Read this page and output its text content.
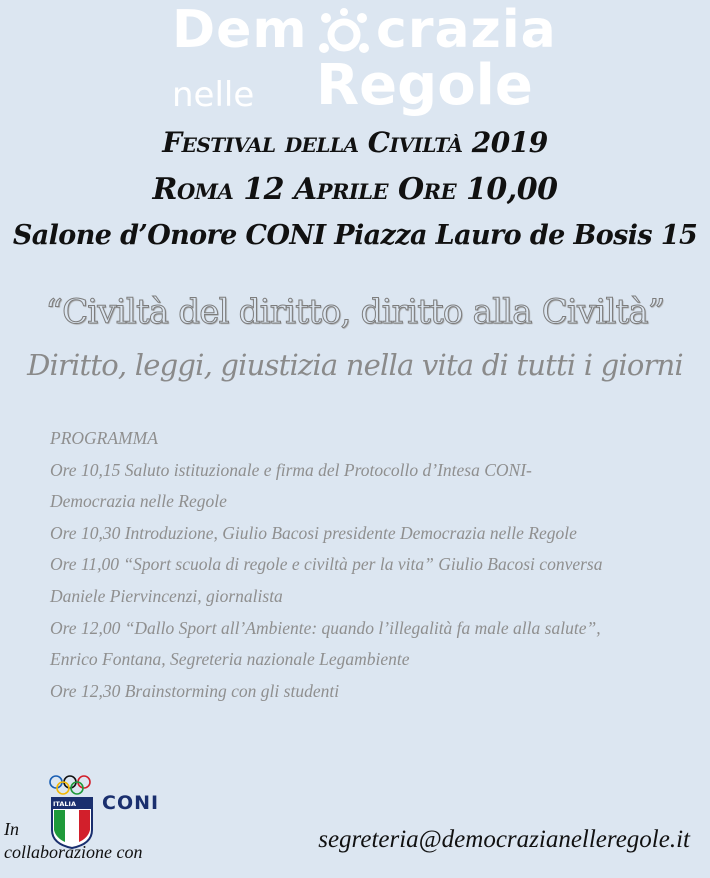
Dem crazia
nelle Regole
Festival della Civiltà 2019
Roma 12 Aprile Ore 10,00
Salone d’Onore CONI Piazza Lauro de Bosis 15
“Civiltà del diritto, diritto alla Civiltà”
Diritto, leggi, giustizia nella vita di tutti i giorni
PROGRAMMA
Ore 10,15 Saluto istituzionale e firma del Protocollo d’Intesa CONI-
Democrazia nelle Regole
Ore 10,30 Introduzione, Giulio Bacosi presidente Democrazia nelle Regole
Ore 11,00 “Sport scuola di regole e civiltà per la vita” Giulio Bacosi conversa
Daniele Piervincenzi, giornalista
Ore 12,00 “Dallo Sport all’Ambiente: quando l’illegalità fa male alla salute”,
Enrico Fontana, Segreteria nazionale Legambiente
Ore 12,30 Brainstorming con gli studenti
ITALIA CONI
In
collaborazione con	segreteria@democrazianelleregole.it
